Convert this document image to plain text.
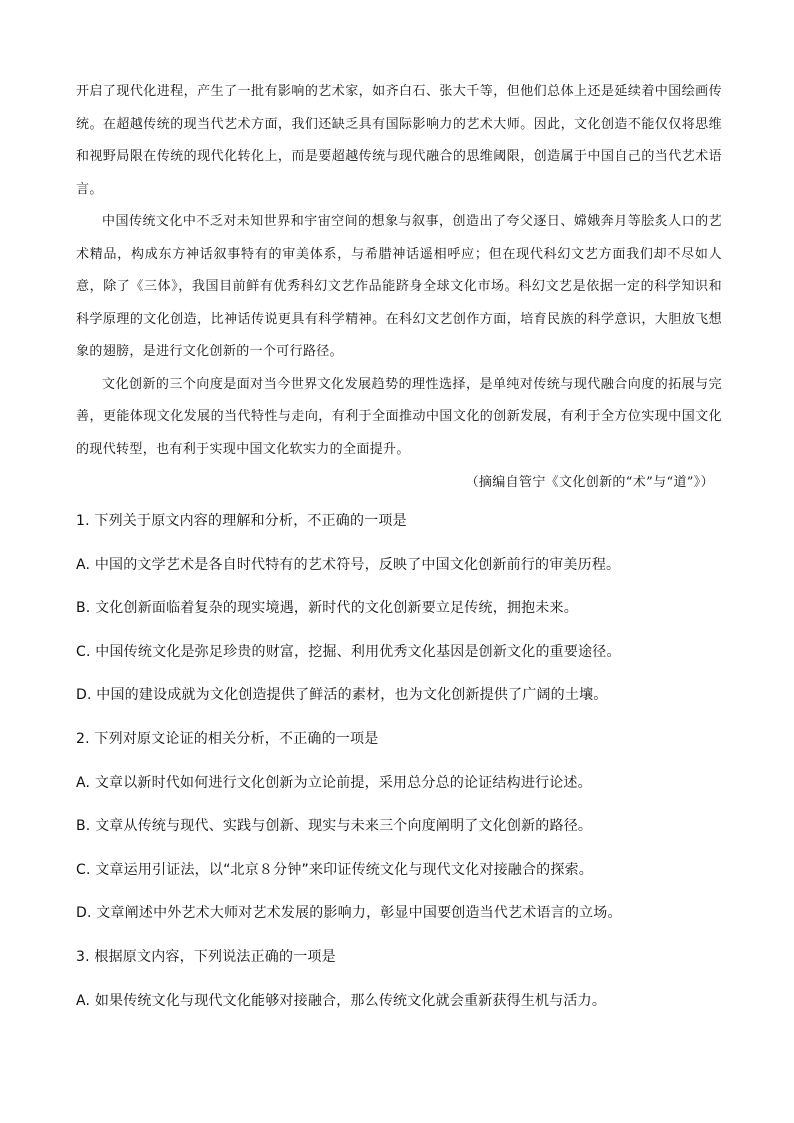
开启了现代化进程，产生了一批有影响的艺术家，如齐白石、张大千等，但他们总体上还是延续着中国绘画传统。在超越传统的现当代艺术方面，我们还缺乏具有国际影响力的艺术大师。因此，文化创造不能仅仅将思维和视野局限在传统的现代化转化上，而是要超越传统与现代融合的思维阈限，创造属于中国自己的当代艺术语言。

中国传统文化中不乏对未知世界和宇宙空间的想象与叙事，创造出了夸父逐日、嫦娥奔月等脍炙人口的艺术精品，构成东方神话叙事特有的审美体系，与希腊神话遥相呼应；但在现代科幻文艺方面我们却不尽如人意，除了《三体》，我国目前鲜有优秀科幻文艺作品能跻身全球文化市场。科幻文艺是依据一定的科学知识和科学原理的文化创造，比神话传说更具有科学精神。在科幻文艺创作方面，培育民族的科学意识，大胆放飞想象的翅膀，是进行文化创新的一个可行路径。

文化创新的三个向度是面对当今世界文化发展趋势的理性选择，是单纯对传统与现代融合向度的拓展与完善，更能体现文化发展的当代特性与走向，有利于全面推动中国文化的创新发展，有利于全方位实现中国文化的现代转型，也有利于实现中国文化软实力的全面提升。

（摘编自管宁《文化创新的“术”与“道”》）

1. 下列关于原文内容的理解和分析，不正确的一项是
A. 中国的文学艺术是各自时代特有的艺术符号，反映了中国文化创新前行的审美历程。
B. 文化创新面临着复杂的现实境遇，新时代的文化创新要立足传统，拥抱未来。
C. 中国传统文化是弥足珍贵的财富，挖掘、利用优秀文化基因是创新文化的重要途径。
D. 中国的建设成就为文化创造提供了鲜活的素材，也为文化创新提供了广阔的土壤。
2. 下列对原文论证的相关分析，不正确的一项是
A. 文章以新时代如何进行文化创新为立论前提，采用总分总的论证结构进行论述。
B. 文章从传统与现代、实践与创新、现实与未来三个向度阐明了文化创新的路径。
C. 文章运用引证法，以“北京８分钟”来印证传统文化与现代文化对接融合的探索。
D. 文章阐述中外艺术大师对艺术发展的影响力，彰显中国要创造当代艺术语言的立场。
3. 根据原文内容，下列说法正确的一项是
A. 如果传统文化与现代文化能够对接融合，那么传统文化就会重新获得生机与活力。
